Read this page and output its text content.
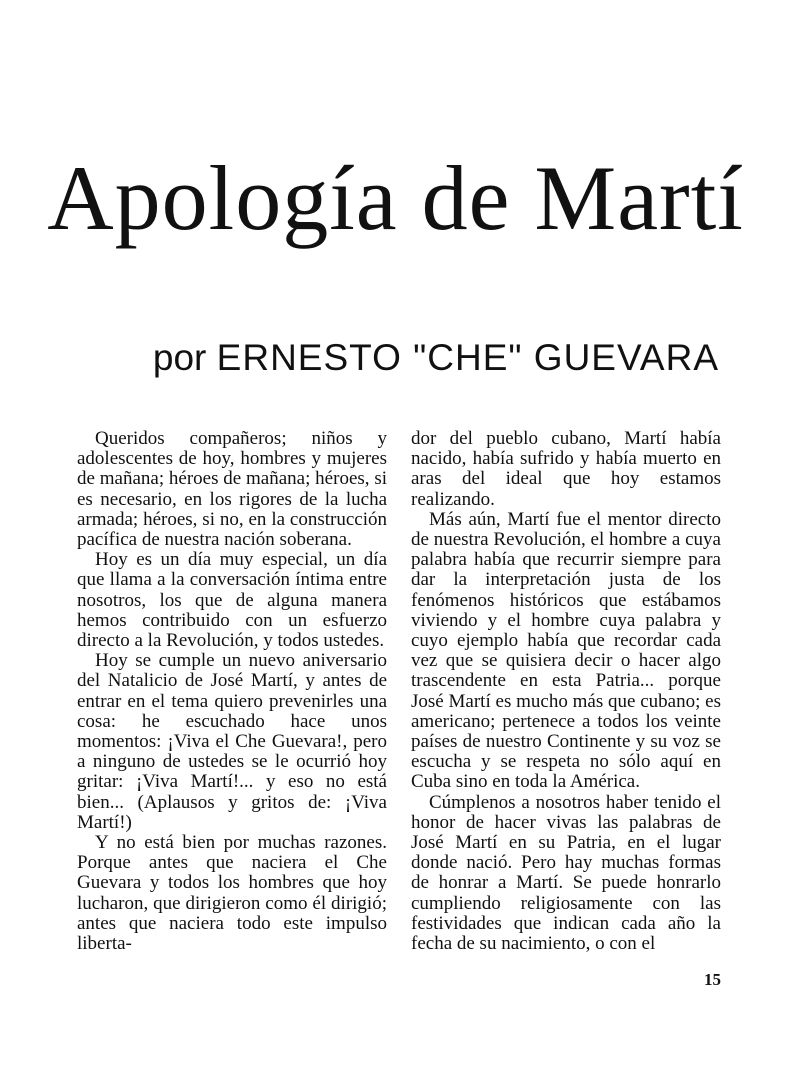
Apología de Martí
por ERNESTO "CHE" GUEVARA

Queridos compañeros; niños y adolescentes de hoy, hombres y mujeres de mañana; héroes de mañana; héroes, si es necesario, en los rigores de la lucha armada; héroes, si no, en la construcción pacífica de nuestra nación soberana.

Hoy es un día muy especial, un día que llama a la conversación íntima entre nosotros, los que de alguna manera hemos contribuido con un esfuerzo directo a la Revolución, y todos ustedes.

Hoy se cumple un nuevo aniversario del Natalicio de José Martí, y antes de entrar en el tema quiero prevenirles una cosa: he escuchado hace unos momentos: ¡Viva el Che Guevara!, pero a ninguno de ustedes se le ocurrió hoy gritar: ¡Viva Martí!... y eso no está bien... (Aplausos y gritos de: ¡Viva Martí!)

Y no está bien por muchas razones. Porque antes que naciera el Che Guevara y todos los hombres que hoy lucharon, que dirigieron como él dirigió; antes que naciera todo este impulso liberta-

dor del pueblo cubano, Martí había nacido, había sufrido y había muerto en aras del ideal que hoy estamos realizando.

Más aún, Martí fue el mentor directo de nuestra Revolución, el hombre a cuya palabra había que recurrir siempre para dar la interpretación justa de los fenómenos históricos que estábamos viviendo y el hombre cuya palabra y cuyo ejemplo había que recordar cada vez que se quisiera decir o hacer algo trascendente en esta Patria... porque José Martí es mucho más que cubano; es americano; pertenece a todos los veinte países de nuestro Continente y su voz se escucha y se respeta no sólo aquí en Cuba sino en toda la América.

Cúmplenos a nosotros haber tenido el honor de hacer vivas las palabras de José Martí en su Patria, en el lugar donde nació. Pero hay muchas formas de honrar a Martí. Se puede honrarlo cumpliendo religiosamente con las festividades que indican cada año la fecha de su nacimiento, o con el

15
